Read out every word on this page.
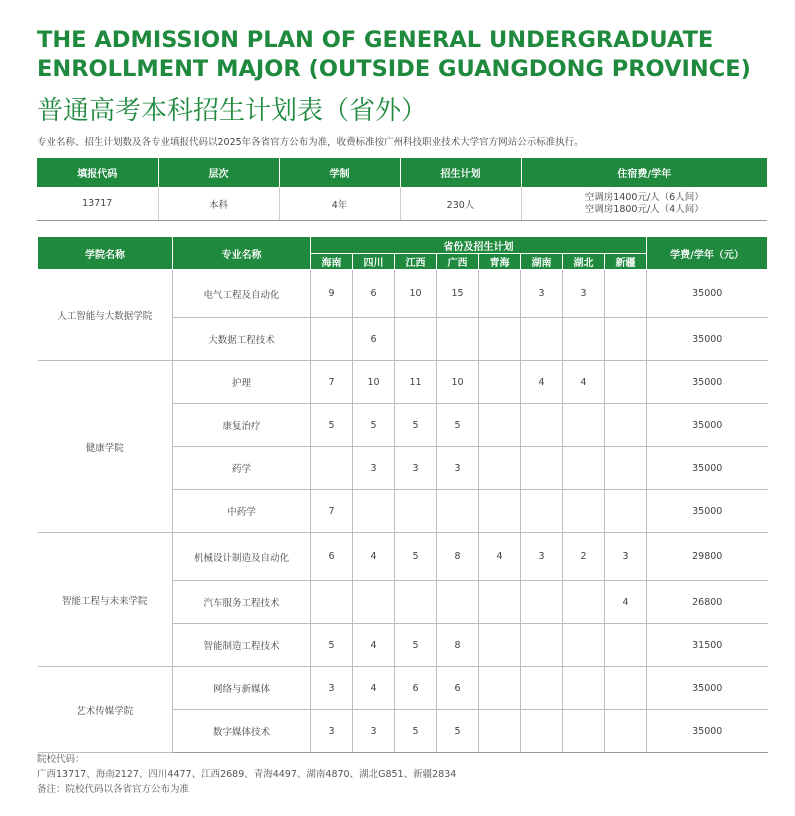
THE ADMISSION PLAN OF GENERAL UNDERGRADUATE ENROLLMENT MAJOR (OUTSIDE GUANGDONG PROVINCE)
普通高考本科招生计划表（省外）
专业名称、招生计划数及各专业填报代码以2025年各省官方公布为准，收费标准按广州科技职业技术大学官方网站公示标准执行。
填报代码	层次	学制	招生计划	住宿费/学年
13717	本科	4年	230人	空调房1400元/人（6人间）
空调房1800元/人（4人间）
学院名称	专业名称	省份及招生计划								学费/学年（元）
		海南	四川	江西	广西	青海	湖南	湖北	新疆	
人工智能与大数据学院	电气工程及自动化	9	6	10	15		3	3		35000
	大数据工程技术		6							35000
健康学院	护理	7	10	11	10		4	4		35000
	康复治疗	5	5	5	5					35000
	药学		3	3	3					35000
	中药学	7								35000
智能工程与未来学院	机械设计制造及自动化	6	4	5	8	4	3	2	3	29800
	汽车服务工程技术								4	26800
	智能制造工程技术	5	4	5	8					31500
艺术传媒学院	网络与新媒体	3	4	6	6					35000
	数字媒体技术	3	3	5	5					35000
院校代码：
广西13717、海南2127、四川4477、江西2689、青海4497、湖南4870、湖北G851、新疆2834
备注：院校代码以各省官方公布为准
